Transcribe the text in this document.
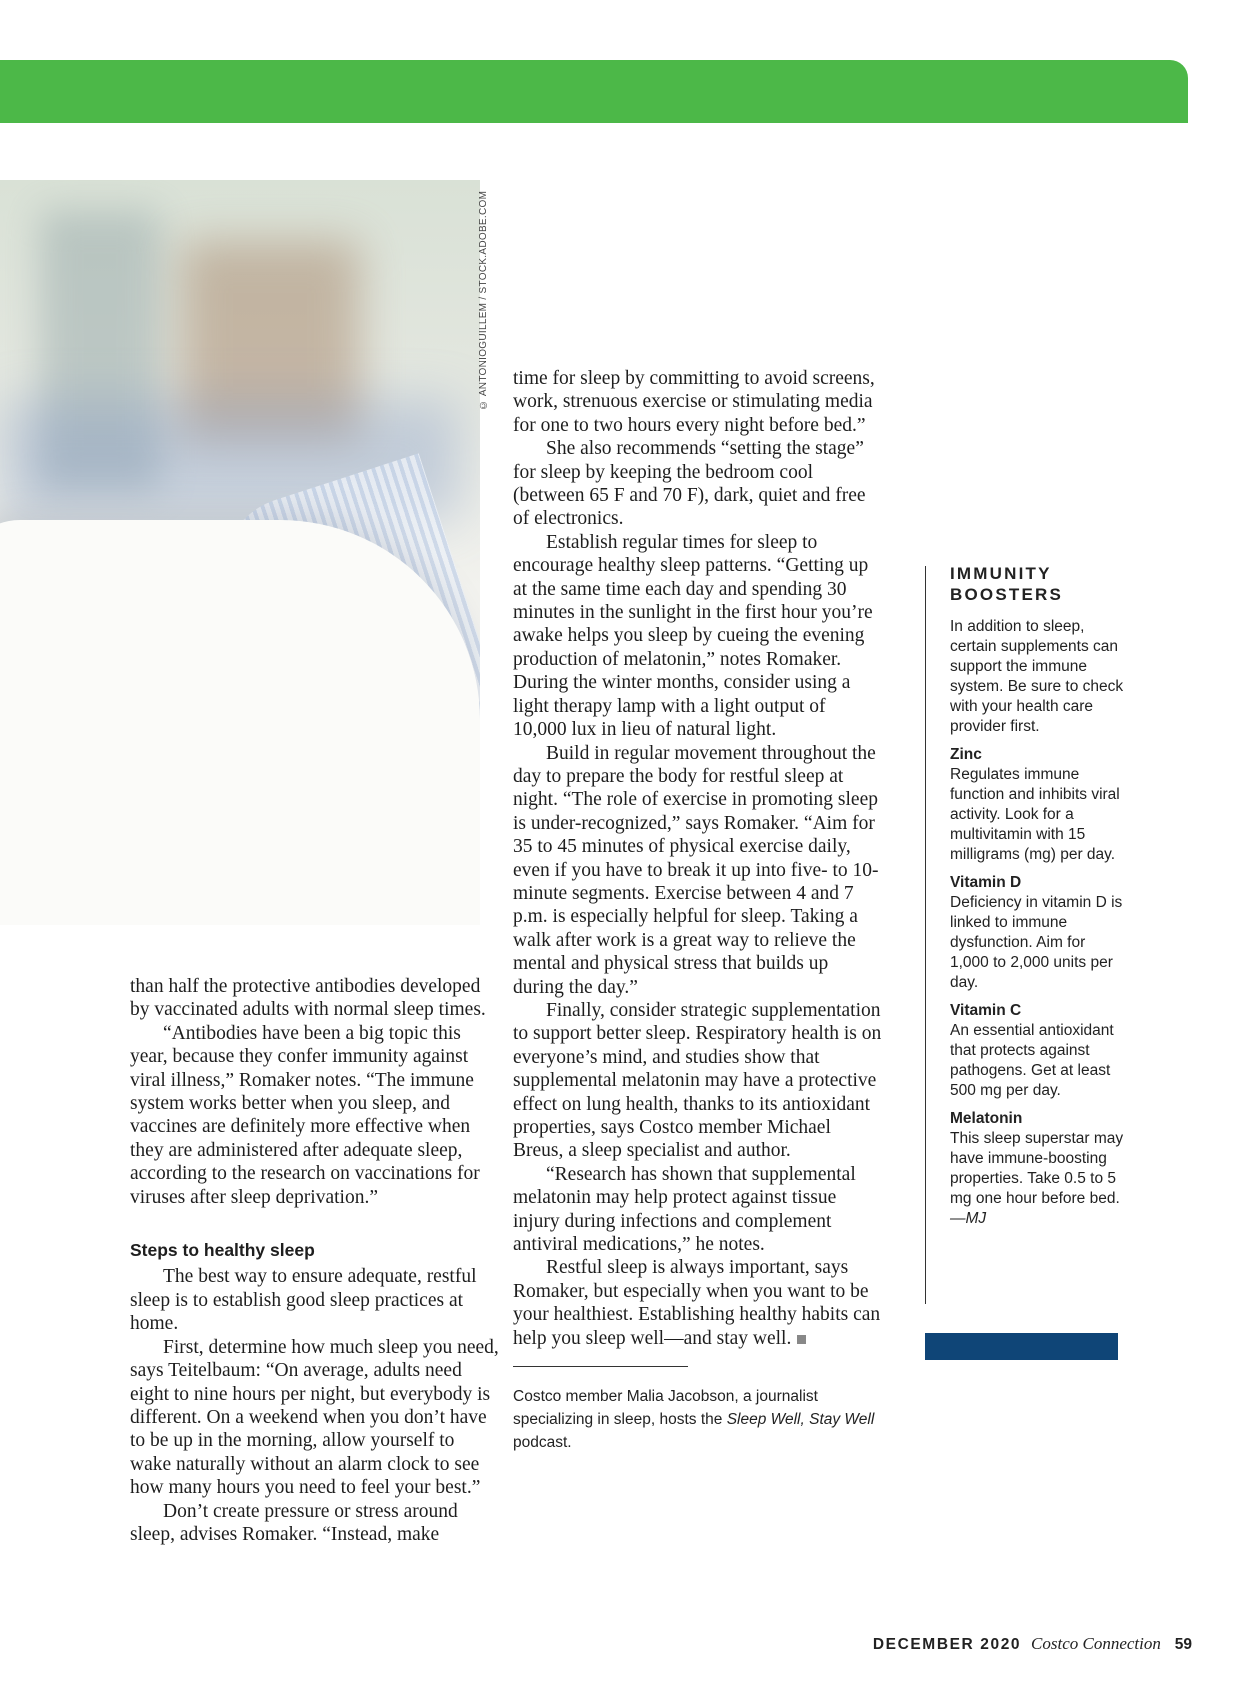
© ANTONIOGUILLEM / STOCK.ADOBE.COM

than half the protective antibodies developed by vaccinated adults with normal sleep times.

“Antibodies have been a big topic this year, because they confer immunity against viral illness,” Romaker notes. “The immune system works better when you sleep, and vaccines are definitely more effective when they are administered after adequate sleep, according to the research on vaccinations for viruses after sleep deprivation.”

Steps to healthy sleep

The best way to ensure adequate, restful sleep is to establish good sleep practices at home.

First, determine how much sleep you need, says Teitelbaum: “On average, adults need eight to nine hours per night, but everybody is different. On a weekend when you don’t have to be up in the morning, allow yourself to wake naturally without an alarm clock to see how many hours you need to feel your best.”

Don’t create pressure or stress around sleep, advises Romaker. “Instead, make

time for sleep by committing to avoid screens, work, strenuous exercise or stimulating media for one to two hours every night before bed.”

She also recommends “setting the stage” for sleep by keeping the bedroom cool (between 65 F and 70 F), dark, quiet and free of electronics.

Establish regular times for sleep to encourage healthy sleep patterns. “Getting up at the same time each day and spending 30 minutes in the sunlight in the first hour you’re awake helps you sleep by cueing the evening production of melatonin,” notes Romaker. During the winter months, consider using a light therapy lamp with a light output of 10,000 lux in lieu of natural light.

Build in regular movement throughout the day to prepare the body for restful sleep at night. “The role of exercise in promoting sleep is under-recognized,” says Romaker. “Aim for 35 to 45 minutes of physical exercise daily, even if you have to break it up into five- to 10-minute segments. Exercise between 4 and 7 p.m. is especially helpful for sleep. Taking a walk after work is a great way to relieve the mental and physical stress that builds up during the day.”

Finally, consider strategic supplementation to support better sleep. Respiratory health is on everyone’s mind, and studies show that supplemental melatonin may have a protective effect on lung health, thanks to its antioxidant properties, says Costco member Michael Breus, a sleep specialist and author.

“Research has shown that supplemental melatonin may help protect against tissue injury during infections and complement antiviral medications,” he notes.

Restful sleep is always important, says Romaker, but especially when you want to be your healthiest. Establishing healthy habits can help you sleep well—and stay well.

Costco member Malia Jacobson, a journalist specializing in sleep, hosts the Sleep Well, Stay Well podcast.
IMMUNITY BOOSTERS
In addition to sleep, certain supplements can support the immune system. Be sure to check with your health care provider first.
Zinc
Regulates immune function and inhibits viral activity. Look for a multivitamin with 15 milligrams (mg) per day.
Vitamin D
Deficiency in vitamin D is linked to immune dysfunction. Aim for 1,000 to 2,000 units per day.
Vitamin C
An essential antioxidant that protects against pathogens. Get at least 500 mg per day.
Melatonin
This sleep superstar may have immune-boosting properties. Take 0.5 to 5 mg one hour before bed.—MJ
DECEMBER 2020 Costco Connection 59
